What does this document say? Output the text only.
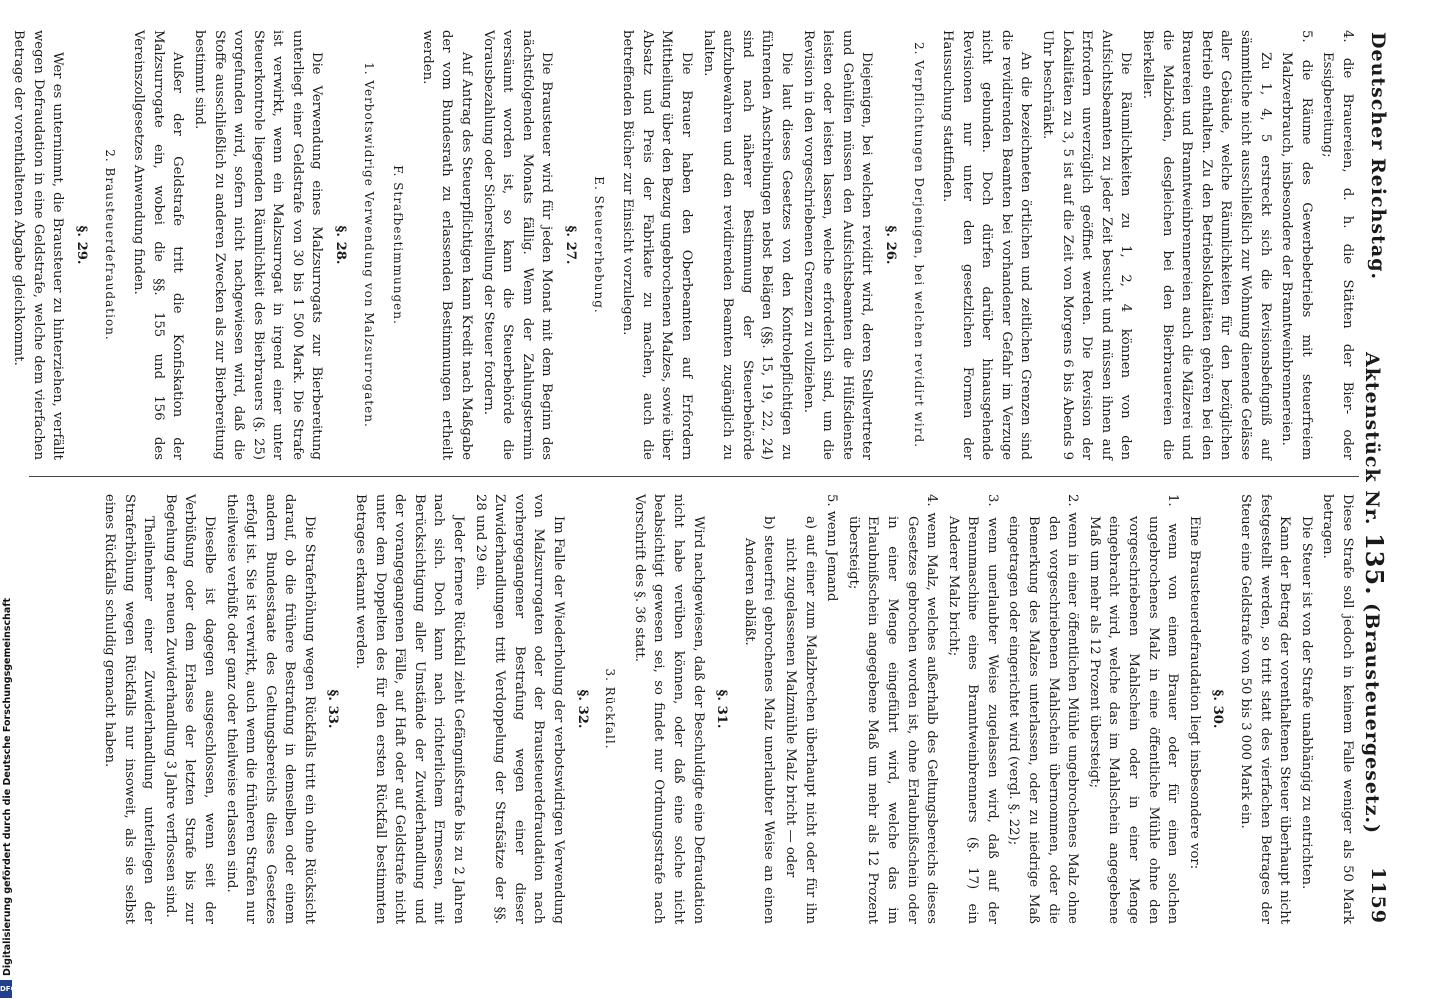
Digitalisierung gefördert durch die Deutsche Forschungsgemeinschaft
DFG
Deutscher Reichstag.
Aktenstück Nr. 135. (Brausteuergesetz.)
1159

4. die Brauereien, d. h. die Stätten der Bier- oder Essigbereitung;

5. die Räume des Gewerbebetriebs mit steuerfreiem Malzverbrauch, insbesondere der Branntweinbrennereien.

Zu 1, 4, 5 erstreckt sich die Revisionsbefugniß auf sämmtliche nicht ausschließlich zur Wohnung dienende Gelässe aller Gebäude, welche Räumlichkeiten für den bezüglichen Betrieb enthalten. Zu den Betriebslokalitäten gehören bei den Brauereien und Branntweinbrennereien auch die Mälzerei und die Malzböden, desgleichen bei den Bierbrauereien die Bierkeller.

Die Räumlichkeiten zu 1, 2, 4 können von den Aufsichtsbeamten zu jeder Zeit besucht und müssen ihnen auf Erfordern unverzüglich geöffnet werden. Die Revision der Lokalitäten zu 3, 5 ist auf die Zeit von Morgens 6 bis Abends 9 Uhr beschränkt.

An die bezeichneten örtlichen und zeitlichen Grenzen sind die revidirenden Beamten bei vorhandener Gefahr im Verzuge nicht gebunden. Doch dürfen darüber hinausgehende Revisionen nur unter den gesetzlichen Formen der Haussuchung stattfinden.

2. Verpflichtungen Derjenigen, bei welchen revidirt wird.

§. 26.

Diejenigen, bei welchen revidirt wird, deren Stellvertreter und Gehülfen müssen den Aufsichtsbeamten die Hülfsdienste leisten oder leisten lassen, welche erforderlich sind, um die Revision in den vorgeschriebenen Grenzen zu vollziehen.

Die laut dieses Gesetzes von den Kontrolepflichtigen zu führenden Anschreibungen nebst Belägen (§§. 15, 19, 22, 24) sind nach näherer Bestimmung der Steuerbehörde aufzubewahren und den revidirenden Beamten zugänglich zu halten.

Die Brauer haben den Oberbeamten auf Erfordern Mittheilung über den Bezug ungebrochenen Malzes, sowie über Absatz und Preis der Fabrikate zu machen, auch die betreffenden Bücher zur Einsicht vorzulegen.

E. Steuererhebung.

§. 27.

Die Brausteuer wird für jeden Monat mit dem Beginn des nächstfolgenden Monats fällig. Wenn der Zahlungstermin versäumt worden ist, so kann die Steuerbehörde die Vorausbezahlung oder Sicherstellung der Steuer fordern.

Auf Antrag des Steuerpflichtigen kann Kredit nach Maßgabe der vom Bundesrath zu erlassenden Bestimmungen ertheilt werden.

F. Strafbestimmungen.

1. Verbotswidrige Verwendung von Malzsurrogaten.

§. 28.

Die Verwendung eines Malzsurrogats zur Bierbereitung unterliegt einer Geldstrafe von 30 bis 1 500 Mark. Die Strafe ist verwirkt, wenn ein Malzsurrogat in irgend einer unter Steuerkontrole liegenden Räumlichkeit des Bierbrauers (§. 25) vorgefunden wird, sofern nicht nachgewiesen wird, daß die Stoffe ausschließlich zu anderen Zwecken als zur Bierbereitung bestimmt sind.

Außer der Geldstrafe tritt die Konfiskation der Malzsurrogate ein, wobei die §§. 155 und 156 des Vereinszollgesetzes Anwendung finden.

2. Brausteuerdefraudation.

§. 29.

Wer es unternimmt, die Brausteuer zu hinterziehen, verfällt wegen Defraudation in eine Geldstrafe, welche dem vierfachen Betrage der vorenthaltenen Abgabe gleichkommt.

Diese Strafe soll jedoch in keinem Falle weniger als 50 Mark betragen.

Die Steuer ist von der Strafe unabhängig zu entrichten.

Kann der Betrag der vorenthaltenen Steuer überhaupt nicht festgestellt werden, so tritt statt des vierfachen Betrages der Steuer eine Geldstrafe von 50 bis 3 000 Mark ein.

§. 30.

Eine Brausteuerdefraudation liegt insbesondere vor:

1. wenn von einem Brauer oder für einen solchen ungebrochenes Malz in eine öffentliche Mühle ohne den vorgeschriebenen Mahlschein oder in einer Menge eingebracht wird, welche das im Mahlschein angegebene Maß um mehr als 12 Prozent übersteigt;

2. wenn in einer öffentlichen Mühle ungebrochenes Malz ohne den vorgeschriebenen Mahlschein übernommen, oder die Bemerkung des Malzes unterlassen, oder zu niedrige Maß eingetragen oder eingerichtet wird (vergl. §. 22);

3. wenn unerlaubter Weise zugelassen wird, daß auf der Brennmaschine eines Branntweinbrenners (§. 17) ein Anderer Malz bricht;

4. wenn Malz, welches außerhalb des Geltungsbereichs dieses Gesetzes gebrochen worden ist, ohne Erlaubnißschein oder in einer Menge eingeführt wird, welche das im Erlaubnißschein angegebene Maß um mehr als 12 Prozent übersteigt;

5. wenn Jemand

a) auf einer zum Malzbrechen überhaupt nicht oder für ihn nicht zugelassenen Malzmühle Malz bricht — oder

b) steuerfrei gebrochenes Malz unerlaubter Weise an einen Anderen abläßt.

§. 31.

Wird nachgewiesen, daß der Beschuldigte eine Defraudation nicht habe verüben können, oder daß eine solche nicht beabsichtigt gewesen sei, so findet nur Ordnungsstrafe nach Vorschrift des §. 36 statt.

3. Rückfall.

§. 32.

Im Falle der Wiederholung der verbotswidrigen Verwendung von Malzsurrogaten oder der Brausteuerdefraudation nach vorhergegangener Bestrafung wegen einer dieser Zuwiderhandlungen tritt Verdoppelung der Strafsätze der §§. 28 und 29 ein.

Jeder fernere Rückfall zieht Gefängnißstrafe bis zu 2 Jahren nach sich. Doch kann nach richterlichem Ermessen, mit Berücksichtigung aller Umstände der Zuwiderhandlung und der vorangegangenen Fälle, auf Haft oder auf Geldstrafe nicht unter dem Doppelten des für den ersten Rückfall bestimmten Betrages erkannt werden.

§. 33.

Die Straferhöhung wegen Rückfalls tritt ein ohne Rücksicht darauf, ob die frühere Bestrafung in demselben oder einem andern Bundesstaate des Geltungsbereichs dieses Gesetzes erfolgt ist. Sie ist verwirkt, auch wenn die früheren Strafen nur theilweise verbüßt oder ganz oder theilweise erlassen sind.

Dieselbe ist dagegen ausgeschlossen, wenn seit der Verbüßung oder dem Erlasse der letzten Strafe bis zur Begehung der neuen Zuwiderhandlung 3 Jahre verflossen sind.

Theilnehmer einer Zuwiderhandlung unterliegen der Straferhöhung wegen Rückfalls nur insoweit, als sie selbst eines Rückfalls schuldig gemacht haben.
